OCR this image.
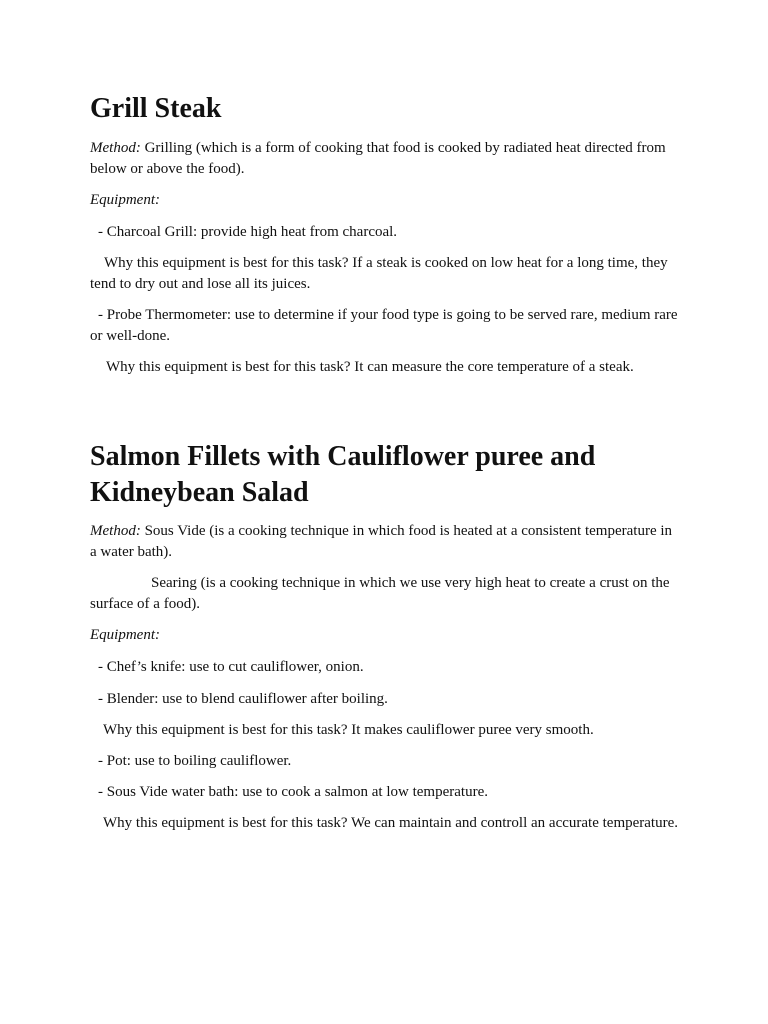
Grill Steak

Method: Grilling (which is a form of cooking that food is cooked by radiated heat directed from below or above the food).

Equipment:

- Charcoal Grill: provide high heat from charcoal.

Why this equipment is best for this task? If a steak is cooked on low heat for a long time, they tend to dry out and lose all its juices.

- Probe Thermometer: use to determine if your food type is going to be served rare, medium rare or well-done.

Why this equipment is best for this task? It can measure the core temperature of a steak.

Salmon Fillets with Cauliflower puree and
Kidneybean Salad

Method: Sous Vide (is a cooking technique in which food is heated at a consistent temperature in a water bath).

Searing (is a cooking technique in which we use very high heat to create a crust on the surface of a food).

Equipment:

- Chef’s knife: use to cut cauliflower, onion.

- Blender: use to blend cauliflower after boiling.

Why this equipment is best for this task? It makes cauliflower puree very smooth.

- Pot: use to boiling cauliflower.

- Sous Vide water bath: use to cook a salmon at low temperature.

Why this equipment is best for this task? We can maintain and controll an accurate temperature.
